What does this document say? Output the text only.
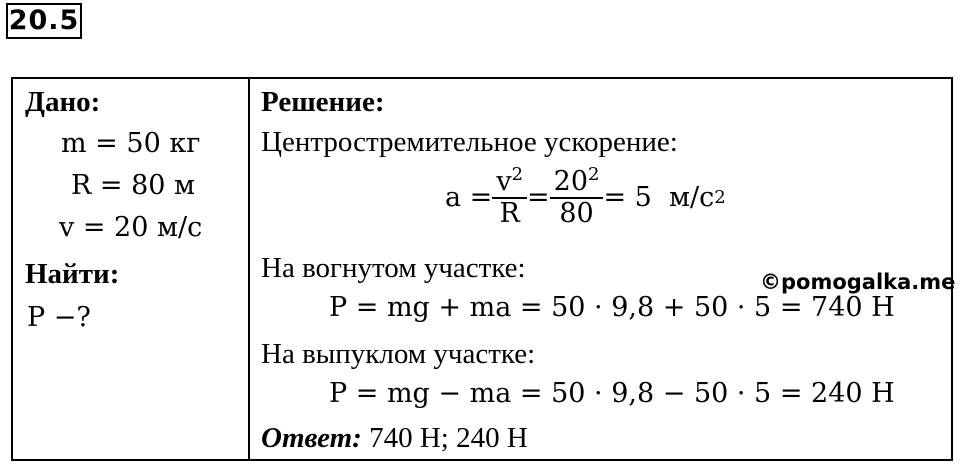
20.5
Дано:
m = 50 кг
R = 80 м
v = 20 м/с
Найти:
P −?
Решение:
Центростремительное ускорение:
$a = \frac{v^2}{R} = \frac{20^2}{80} = 5$  м/с 2
На вогнутом участке:
P = mg + ma = 50 · 9,8 + 50 · 5 = 740 Н
На выпуклом участке:
P = mg − ma = 50 · 9,8 − 50 · 5 = 240 Н
Ответ: 740 Н; 240 Н
©pomogalka.me
